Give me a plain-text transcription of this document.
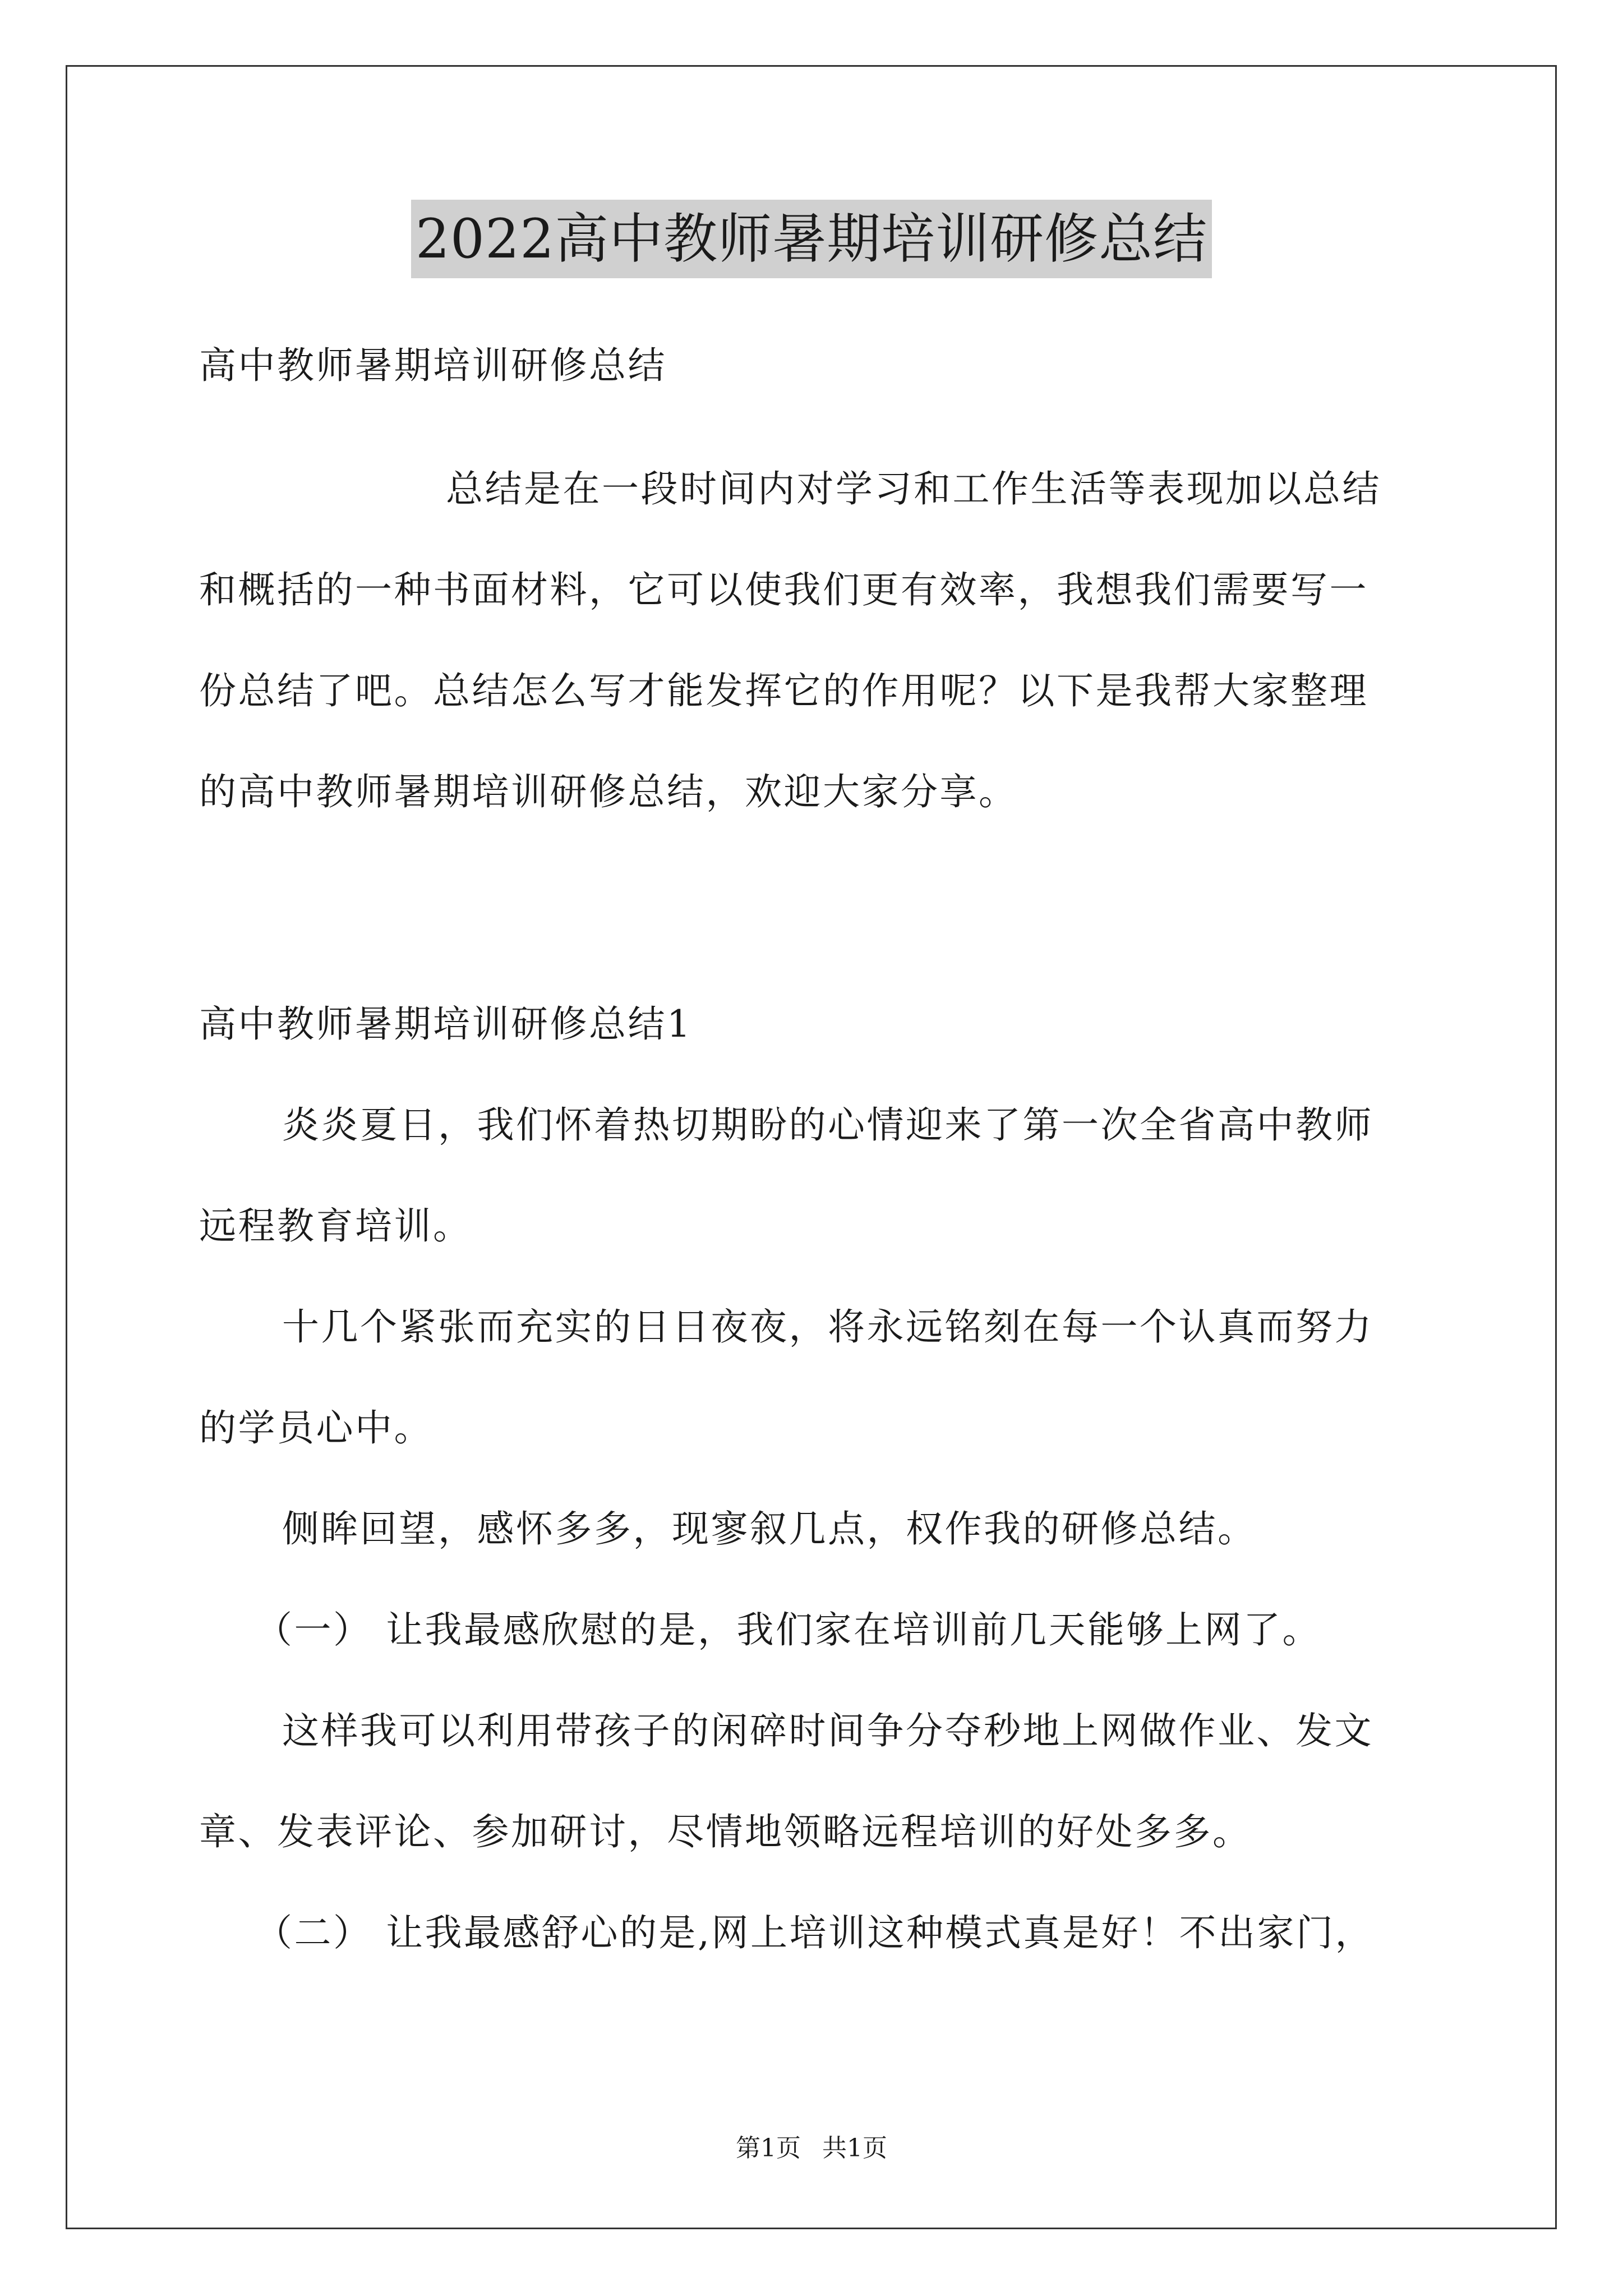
2022高中教师暑期培训研修总结
高中教师暑期培训研修总结
总结是在一段时间内对学习和工作生活等表现加以总结
和概括的一种书面材料，它可以使我们更有效率，我想我们需要写一
份总结了吧。总结怎么写才能发挥它的作用呢？以下是我帮大家整理
的高中教师暑期培训研修总结，欢迎大家分享。
高中教师暑期培训研修总结1
炎炎夏日，我们怀着热切期盼的心情迎来了第一次全省高中教师
远程教育培训。
十几个紧张而充实的日日夜夜，将永远铭刻在每一个认真而努力
的学员心中。
侧眸回望，感怀多多，现寥叙几点，权作我的研修总结。
（一） 让我最感欣慰的是，我们家在培训前几天能够上网了。
这样我可以利用带孩子的闲碎时间争分夺秒地上网做作业、发文
章、发表评论、参加研讨，尽情地领略远程培训的好处多多。
（二） 让我最感舒心的是,网上培训这种模式真是好！不出家门，
第1页 共1页
